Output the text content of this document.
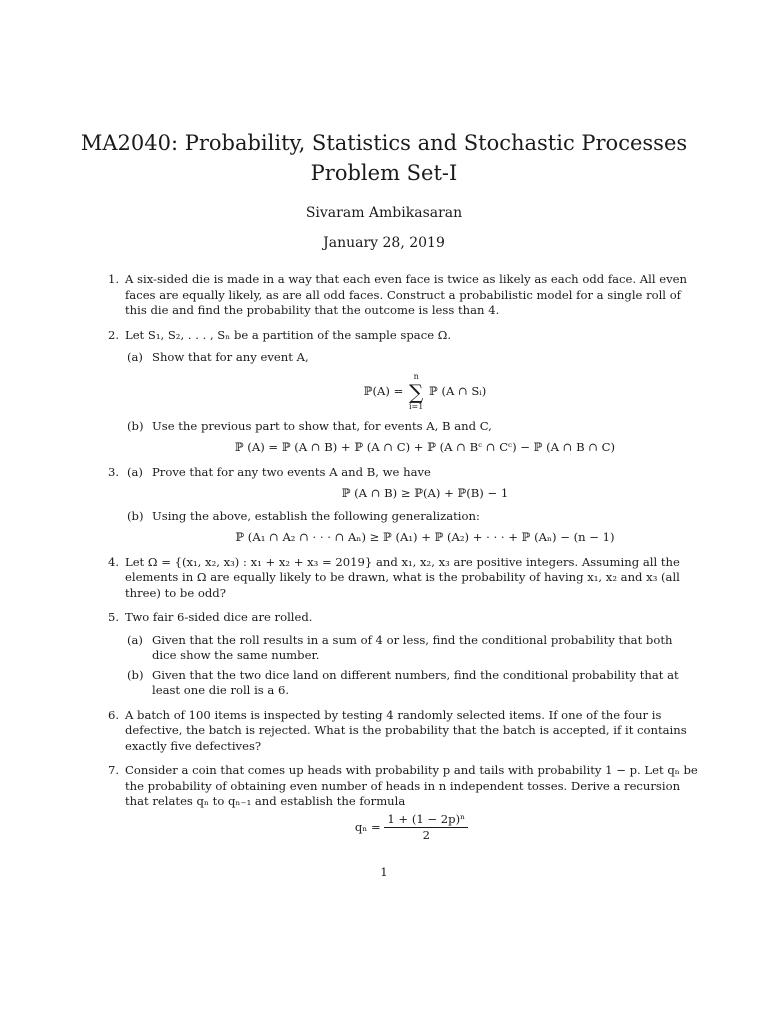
MA2040: Probability, Statistics and Stochastic Processes
Problem Set-I
Sivaram Ambikasaran
January 28, 2019
1. A six-sided die is made in a way that each even face is twice as likely as each odd face. All even faces are equally likely, as are all odd faces. Construct a probabilistic model for a single roll of this die and find the probability that the outcome is less than 4.
2. Let S₁, S₂, . . . , Sₙ be a partition of the sample space Ω.
(a) Show that for any event A,
ℙ(A) =
n
∑
i=1
ℙ (A ∩ Sᵢ)
(b) Use the previous part to show that, for events A, B and C,
ℙ (A) = ℙ (A ∩ B) + ℙ (A ∩ C) + ℙ (A ∩ Bᶜ ∩ Cᶜ) − ℙ (A ∩ B ∩ C)
3. (a) Prove that for any two events A and B, we have
ℙ (A ∩ B) ≥ ℙ(A) + ℙ(B) − 1
(b) Using the above, establish the following generalization:
ℙ (A₁ ∩ A₂ ∩ · · · ∩ Aₙ) ≥ ℙ (A₁) + ℙ (A₂) + · · · + ℙ (Aₙ) − (n − 1)
4. Let Ω = {(x₁, x₂, x₃) : x₁ + x₂ + x₃ = 2019} and x₁, x₂, x₃ are positive integers. Assuming all the elements in Ω are equally likely to be drawn, what is the probability of having x₁, x₂ and x₃ (all three) to be odd?
5. Two fair 6-sided dice are rolled.
(a) Given that the roll results in a sum of 4 or less, find the conditional probability that both dice show the same number.
(b) Given that the two dice land on different numbers, find the conditional probability that at least one die roll is a 6.
6. A batch of 100 items is inspected by testing 4 randomly selected items. If one of the four is defective, the batch is rejected. What is the probability that the batch is accepted, if it contains exactly five defectives?
7. Consider a coin that comes up heads with probability p and tails with probability 1 − p. Let qₙ be the probability of obtaining even number of heads in n independent tosses. Derive a recursion that relates qₙ to qₙ₋₁ and establish the formula
$q_n = \frac{\text{1 + (1 − 2p)ⁿ}}{2}$
1
